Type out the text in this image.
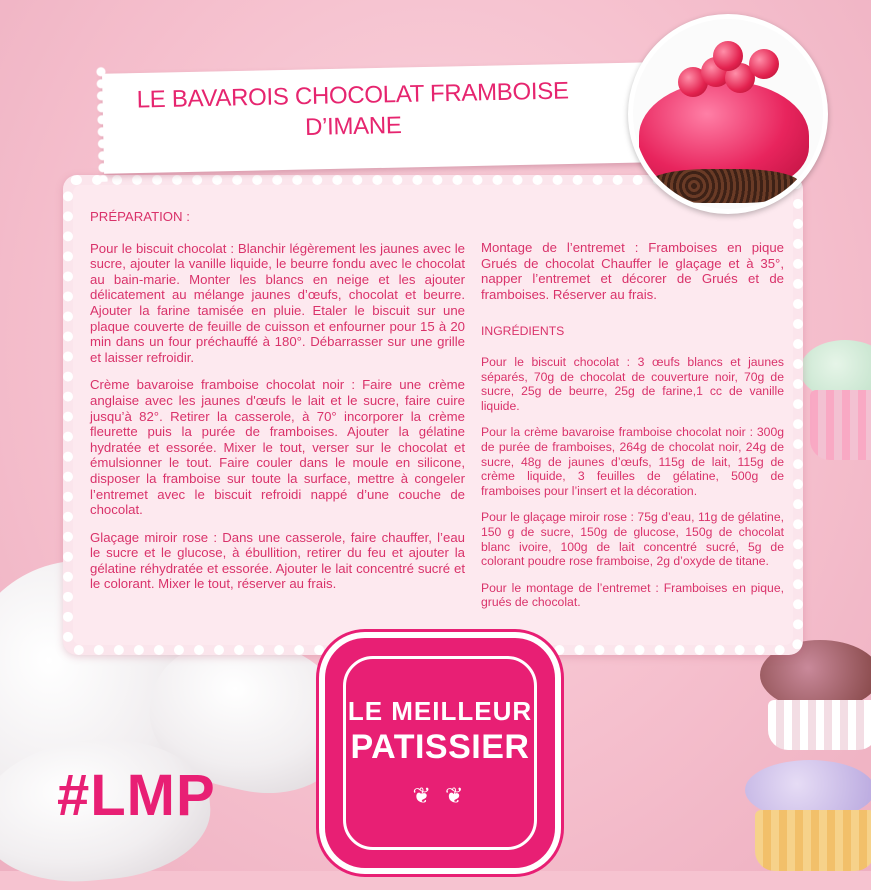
LE BAVAROIS CHOCOLAT FRAMBOISE
D’IMANE

PRÉPARATION :

Pour le biscuit chocolat : Blanchir légèrement les jaunes avec le sucre, ajouter la vanille liquide, le beurre fondu avec le chocolat au bain-marie. Monter les blancs en neige et les ajouter délicatement au mélange jaunes d’œufs, chocolat et beurre. Ajouter la farine tamisée en pluie. Etaler le biscuit sur une plaque couverte de feuille de cuisson et enfourner pour 15 à 20 min dans un four préchauffé à 180°. Débarrasser sur une grille et laisser refroidir.

Crème bavaroise framboise chocolat noir : Faire une crème anglaise avec les jaunes d'œufs le lait et le sucre, faire cuire jusqu’à 82°. Retirer la casserole, à 70° incorporer la crème fleurette puis la purée de framboises. Ajouter la gélatine hydratée et essorée. Mixer le tout, verser sur le chocolat et émulsionner le tout. Faire couler dans le moule en silicone, disposer la framboise sur toute la surface, mettre à congeler l’entremet avec le biscuit refroidi nappé d’une couche de chocolat.

Glaçage miroir rose : Dans une casserole, faire chauffer, l’eau le sucre et le glucose, à ébullition, retirer du feu et ajouter la gélatine réhydratée et essorée. Ajouter le lait concentré sucré et le colorant. Mixer le tout, réserver au frais.

Montage de l’entremet : Framboises en pique Grués de chocolat Chauffer le glaçage et à 35°, napper l’entremet et décorer de Grués et de framboises. Réserver au frais.

INGRÉDIENTS

Pour le biscuit chocolat : 3 œufs blancs et jaunes séparés, 70g de chocolat de couverture noir, 70g de sucre, 25g de beurre, 25g de farine,1 cc de vanille liquide.

Pour la crème bavaroise framboise chocolat noir : 300g de purée de framboises, 264g de chocolat noir, 24g de sucre, 48g de jaunes d’œufs, 115g de lait, 115g de crème liquide, 3 feuilles de gélatine, 500g de framboises pour l’insert et la décoration.

Pour le glaçage miroir rose : 75g d’eau, 11g de gélatine, 150 g de sucre, 150g de glucose, 150g de chocolat blanc ivoire, 100g de lait concentré sucré, 5g de colorant poudre rose framboise, 2g d’oxyde de titane.

Pour le montage de l’entremet : Framboises en pique, grués de chocolat.

LE MEILLEUR
PATISSIER
❦ ❦
#LMP
